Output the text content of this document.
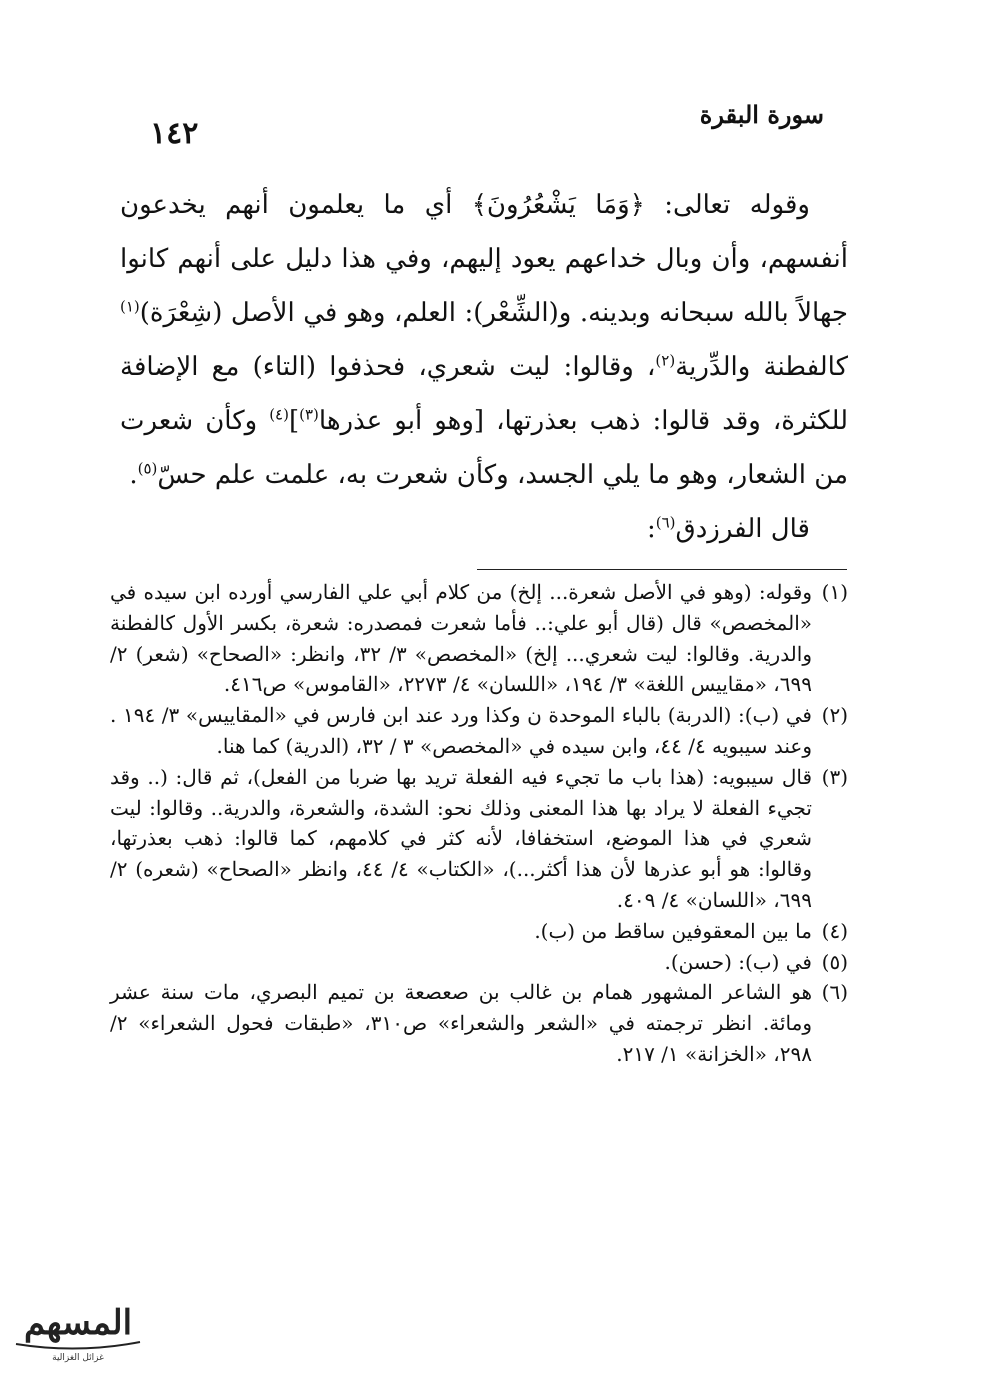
١٤٢
سورة البقرة

وقوله تعالى: ﴿وَمَا يَشْعُرُونَ﴾ أي ما يعلمون أنهم يخدعون أنفسهم، وأن وبال خداعهم يعود إليهم، وفي هذا دليل على أنهم كانوا جهالاً بالله سبحانه وبدينه. و(الشِّعْر): العلم، وهو في الأصل (شِعْرَة)$^{(١)}$ كالفطنة والدِّرية$^{(٢)}$، وقالوا: ليت شعري، فحذفوا (التاء) مع الإضافة للكثرة، وقد قالوا: ذهب بعذرتها، [وهو أبو عذرها$^{(٣)}$]$^{(٤)}$ وكأن شعرت من الشعار، وهو ما يلي الجسد، وكأن شعرت به، علمت علم حسّ$^{(٥)}$.

قال الفرزدق$^{(٦)}$:

(١)
وقوله: (وهو في الأصل شعرة... إلخ) من كلام أبي علي الفارسي أورده ابن سيده في «المخصص» قال (قال أبو علي:.. فأما شعرت فمصدره: شعرة، بكسر الأول كالفطنة والدرية. وقالوا: ليت شعري... إلخ) «المخصص» ٣/ ٣٢، وانظر: «الصحاح» (شعر) ٢/ ٦٩٩، «مقاييس اللغة» ٣/ ١٩٤، «اللسان» ٤/ ٢٢٧٣، «القاموس» ص٤١٦.
(٢)
في (ب): (الدربة) بالباء الموحدة ن وكذا ورد عند ابن فارس في «المقاييس» ٣/ ١٩٤ . وعند سيبويه ٤/ ٤٤، وابن سيده في «المخصص» ٣ / ٣٢، (الدرية) كما هنا.
(٣)
قال سيبويه: (هذا باب ما تجيء فيه الفعلة تريد بها ضربا من الفعل)، ثم قال: (.. وقد تجيء الفعلة لا يراد بها هذا المعنى وذلك نحو: الشدة، والشعرة، والدرية.. وقالوا: ليت شعري في هذا الموضع، استخفافا، لأنه كثر في كلامهم، كما قالوا: ذهب بعذرتها، وقالوا: هو أبو عذرها لأن هذا أكثر...)، «الكتاب» ٤/ ٤٤، وانظر «الصحاح» (شعره) ٢/ ٦٩٩، «اللسان» ٤/ ٤٠٩.
(٤)
ما بين المعقوفين ساقط من (ب).
(٥)
في (ب): (حسن).
(٦)
هو الشاعر المشهور همام بن غالب بن صعصعة بن تميم البصري، مات سنة عشر ومائة. انظر ترجمته في «الشعر والشعراء» ص٣١٠، «طبقات فحول الشعراء» ٢/ ٢٩٨، «الخزانة» ١/ ٢١٧.
المسهم
غزائل الغزالية
